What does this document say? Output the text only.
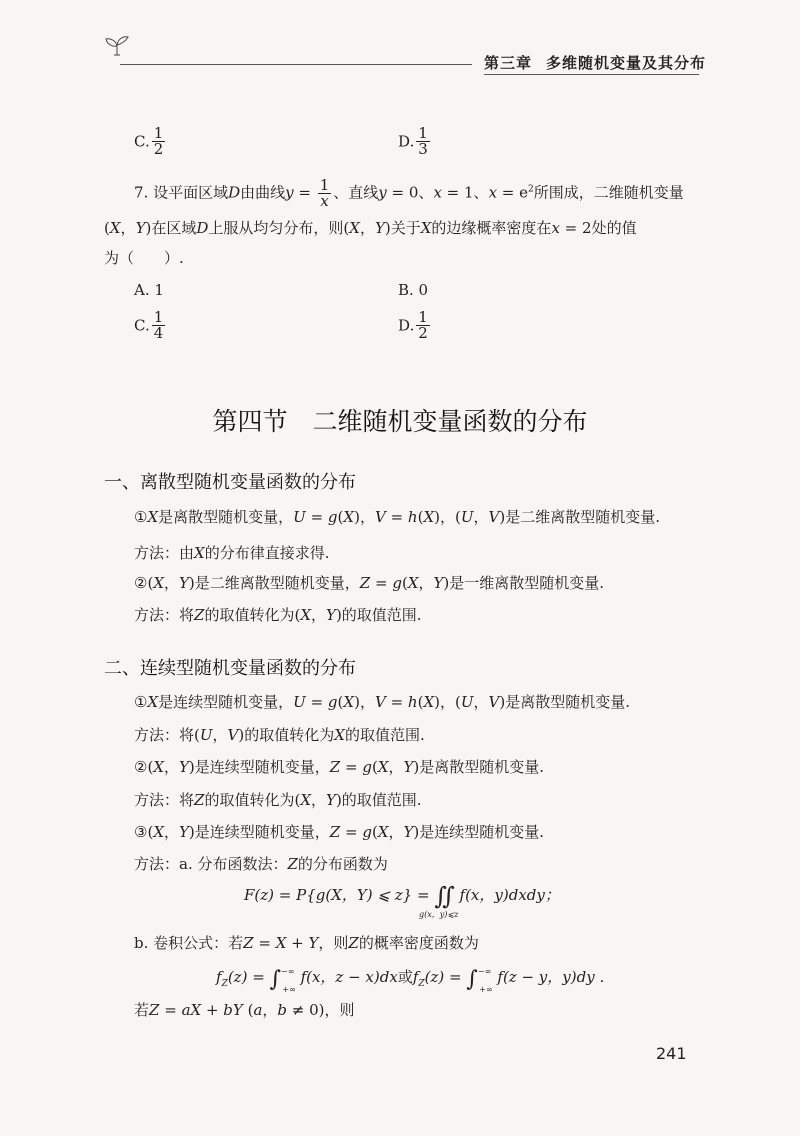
第三章 多维随机变量及其分布
C. $\frac{1}{2}$	D. $\frac{1}{3}$
7. 设平面区域D由曲线$y = \frac{1}{x}$ 、直线y = 0、x = 1、$x = e^2$所围成，二维随机变量
(X，Y)在区域D上服从均匀分布，则(X，Y)关于X的边缘概率密度在x = 2处的值
为（　　）.
A. 1	B. 0
C. $\frac{1}{4}$	D. $\frac{1}{2}$
第四节　二维随机变量函数的分布
一、离散型随机变量函数的分布
①X是离散型随机变量，U = g(X)，V = h(X)，(U，V)是二维离散型随机变量.
方法：由X的分布律直接求得.
②(X，Y)是二维离散型随机变量，Z = g(X，Y)是一维离散型随机变量.
方法：将Z的取值转化为(X，Y)的取值范围.
二、连续型随机变量函数的分布
①X是连续型随机变量，U = g(X)，V = h(X)，(U，V)是离散型随机变量.
方法：将(U，V)的取值转化为X的取值范围.
②(X，Y)是连续型随机变量，Z = g(X，Y)是离散型随机变量.
方法：将Z的取值转化为(X，Y)的取值范围.
③(X，Y)是连续型随机变量，Z = g(X，Y)是连续型随机变量.
方法：a. 分布函数法：Z的分布函数为
F(z) = P{g(X，Y) ⩽ z} = ∬ f(x，y)dxdy；
g(x，y)⩽z
b. 卷积公式：若Z = X + Y，则Z的概率密度函数为
$f_Z(z) = \int^{-\infty}_{+\infty}$ f(x，z − x)dx或$f_Z(z) = \int^{-\infty}_{+\infty}$ f(z − y，y)dy .
若Z = aX + bY (a，b ≠ 0)，则
241
